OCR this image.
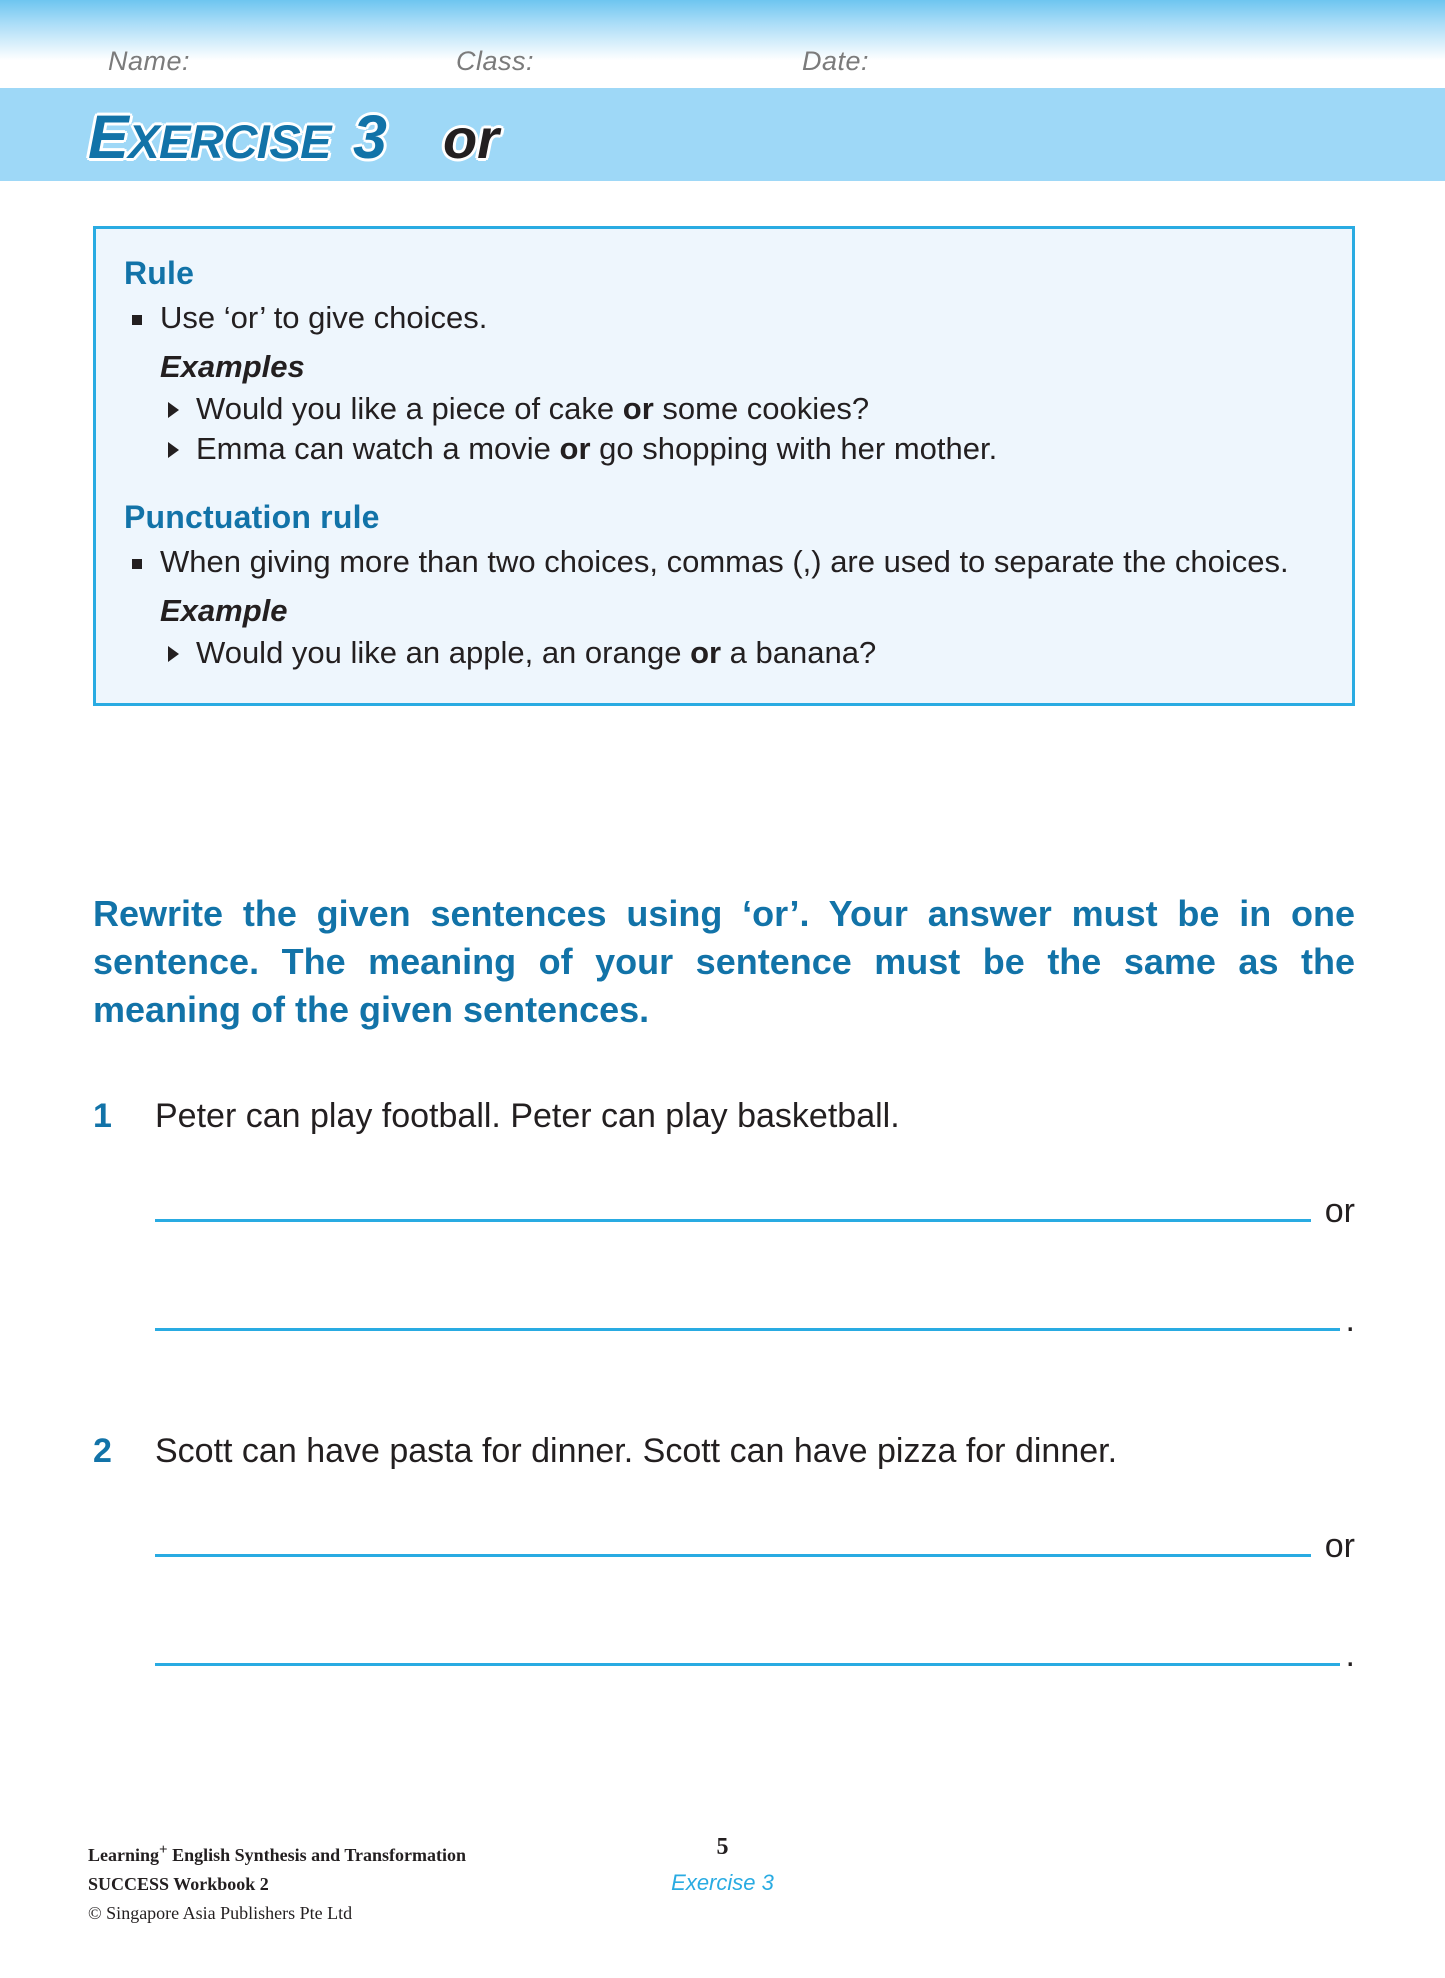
Name:	Class:	Date:
EXERCISE 3 or
Rule
Use ‘or’ to give choices.
Examples
Would you like a piece of cake or some cookies?
Emma can watch a movie or go shopping with her mother.
Punctuation rule
When giving more than two choices, commas (,) are used to separate the choices.
Example
Would you like an apple, an orange or a banana?
Rewrite the given sentences using ‘or’. Your answer must be in one sentence. The meaning of your sentence must be the same as the meaning of the given sentences.
1	Peter can play football. Peter can play basketball.
or
.
2	Scott can have pasta for dinner. Scott can have pizza for dinner.
or
.
Learning+ English Synthesis and Transformation
SUCCESS Workbook 2
© Singapore Asia Publishers Pte Ltd
5
Exercise 3
